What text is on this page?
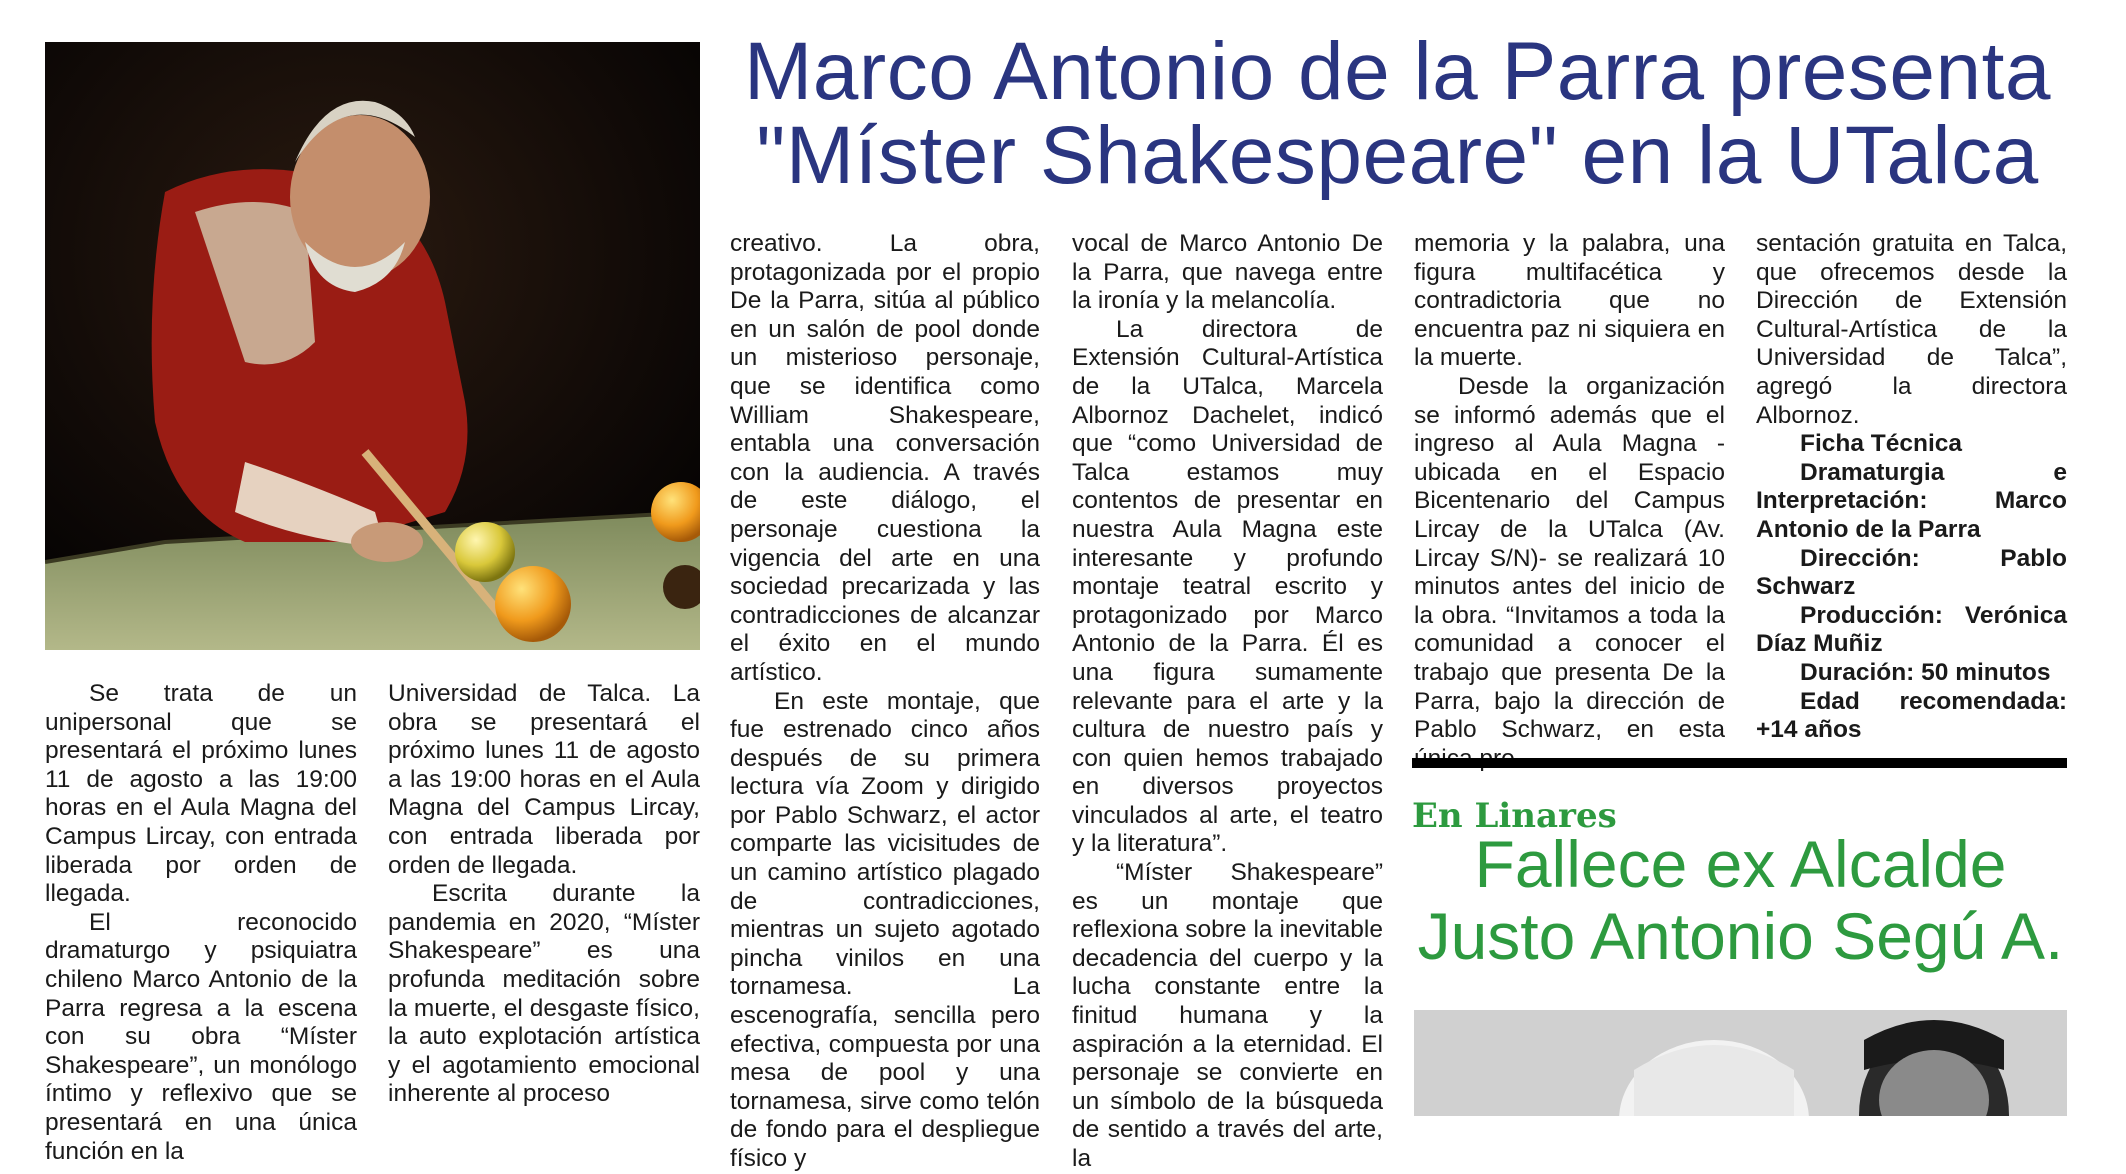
Marco Antonio de la Parra presenta
"Míster Shakespeare" en la UTalca

Se trata de un unipersonal que se presentará el próximo lunes 11 de agosto a las 19:00 horas en el Aula Magna del Campus Lircay, con entrada liberada por orden de llegada.

El reconocido dramaturgo y psiquiatra chileno Marco Antonio de la Parra regresa a la escena con su obra “Míster Shakespeare”, un monólogo íntimo y reflexivo que se presentará en una única función en la

Universidad de Talca. La obra se presentará el próximo lunes 11 de agosto a las 19:00 horas en el Aula Magna del Campus Lircay, con entrada liberada por orden de llegada.

Escrita durante la pandemia en 2020, “Míster Shakespeare” es una profunda meditación sobre la muerte, el desgaste físico, la auto explotación artística y el agotamiento emocional inherente al proceso

creativo. La obra, protagonizada por el propio De la Parra, sitúa al público en un salón de pool donde un misterioso personaje, que se identifica como William Shakespeare, entabla una conversación con la audiencia. A través de este diálogo, el personaje cuestiona la vigencia del arte en una sociedad precarizada y las contradicciones de alcanzar el éxito en el mundo artístico.

En este montaje, que fue estrenado cinco años después de su primera lectura vía Zoom y dirigido por Pablo Schwarz, el actor comparte las vicisitudes de un camino artístico plagado de contradicciones, mientras un sujeto agotado pincha vinilos en una tornamesa. La escenografía, sencilla pero efectiva, compuesta por una mesa de pool y una tornamesa, sirve como telón de fondo para el despliegue físico y

vocal de Marco Antonio De la Parra, que navega entre la ironía y la melancolía.

La directora de Extensión Cultural-Artística de la UTalca, Marcela Albornoz Dachelet, indicó que “como Universidad de Talca estamos muy contentos de presentar en nuestra Aula Magna este interesante y profundo montaje teatral escrito y protagonizado por Marco Antonio de la Parra. Él es una figura sumamente relevante para el arte y la cultura de nuestro país y con quien hemos trabajado en diversos proyectos vinculados al arte, el teatro y la literatura”.

“Míster Shakespeare” es un montaje que reflexiona sobre la inevitable decadencia del cuerpo y la lucha constante entre la finitud humana y la aspiración a la eternidad. El personaje se convierte en un símbolo de la búsqueda de sentido a través del arte, la

memoria y la palabra, una figura multifacética y contradictoria que no encuentra paz ni siquiera en la muerte.

Desde la organización se informó además que el ingreso al Aula Magna -ubicada en el Espacio Bicentenario del Campus Lircay de la UTalca (Av. Lircay S/N)- se realizará 10 minutos antes del inicio de la obra. “Invitamos a toda la comunidad a conocer el trabajo que presenta De la Parra, bajo la dirección de Pablo Schwarz, en esta

sentación gratuita en Talca, que ofrecemos desde la Dirección de Extensión Cultural-Artística de la Universidad de Talca”, agregó la directora Albornoz.

Ficha Técnica

Dramaturgia e Interpretación: Marco Antonio de la Parra

Dirección: Pablo Schwarz

Producción: Verónica Díaz Muñiz

Duración: 50 minutos

Edad recomendada: +14 años

En Linares

Fallece ex Alcalde
Justo Antonio Segú A.
